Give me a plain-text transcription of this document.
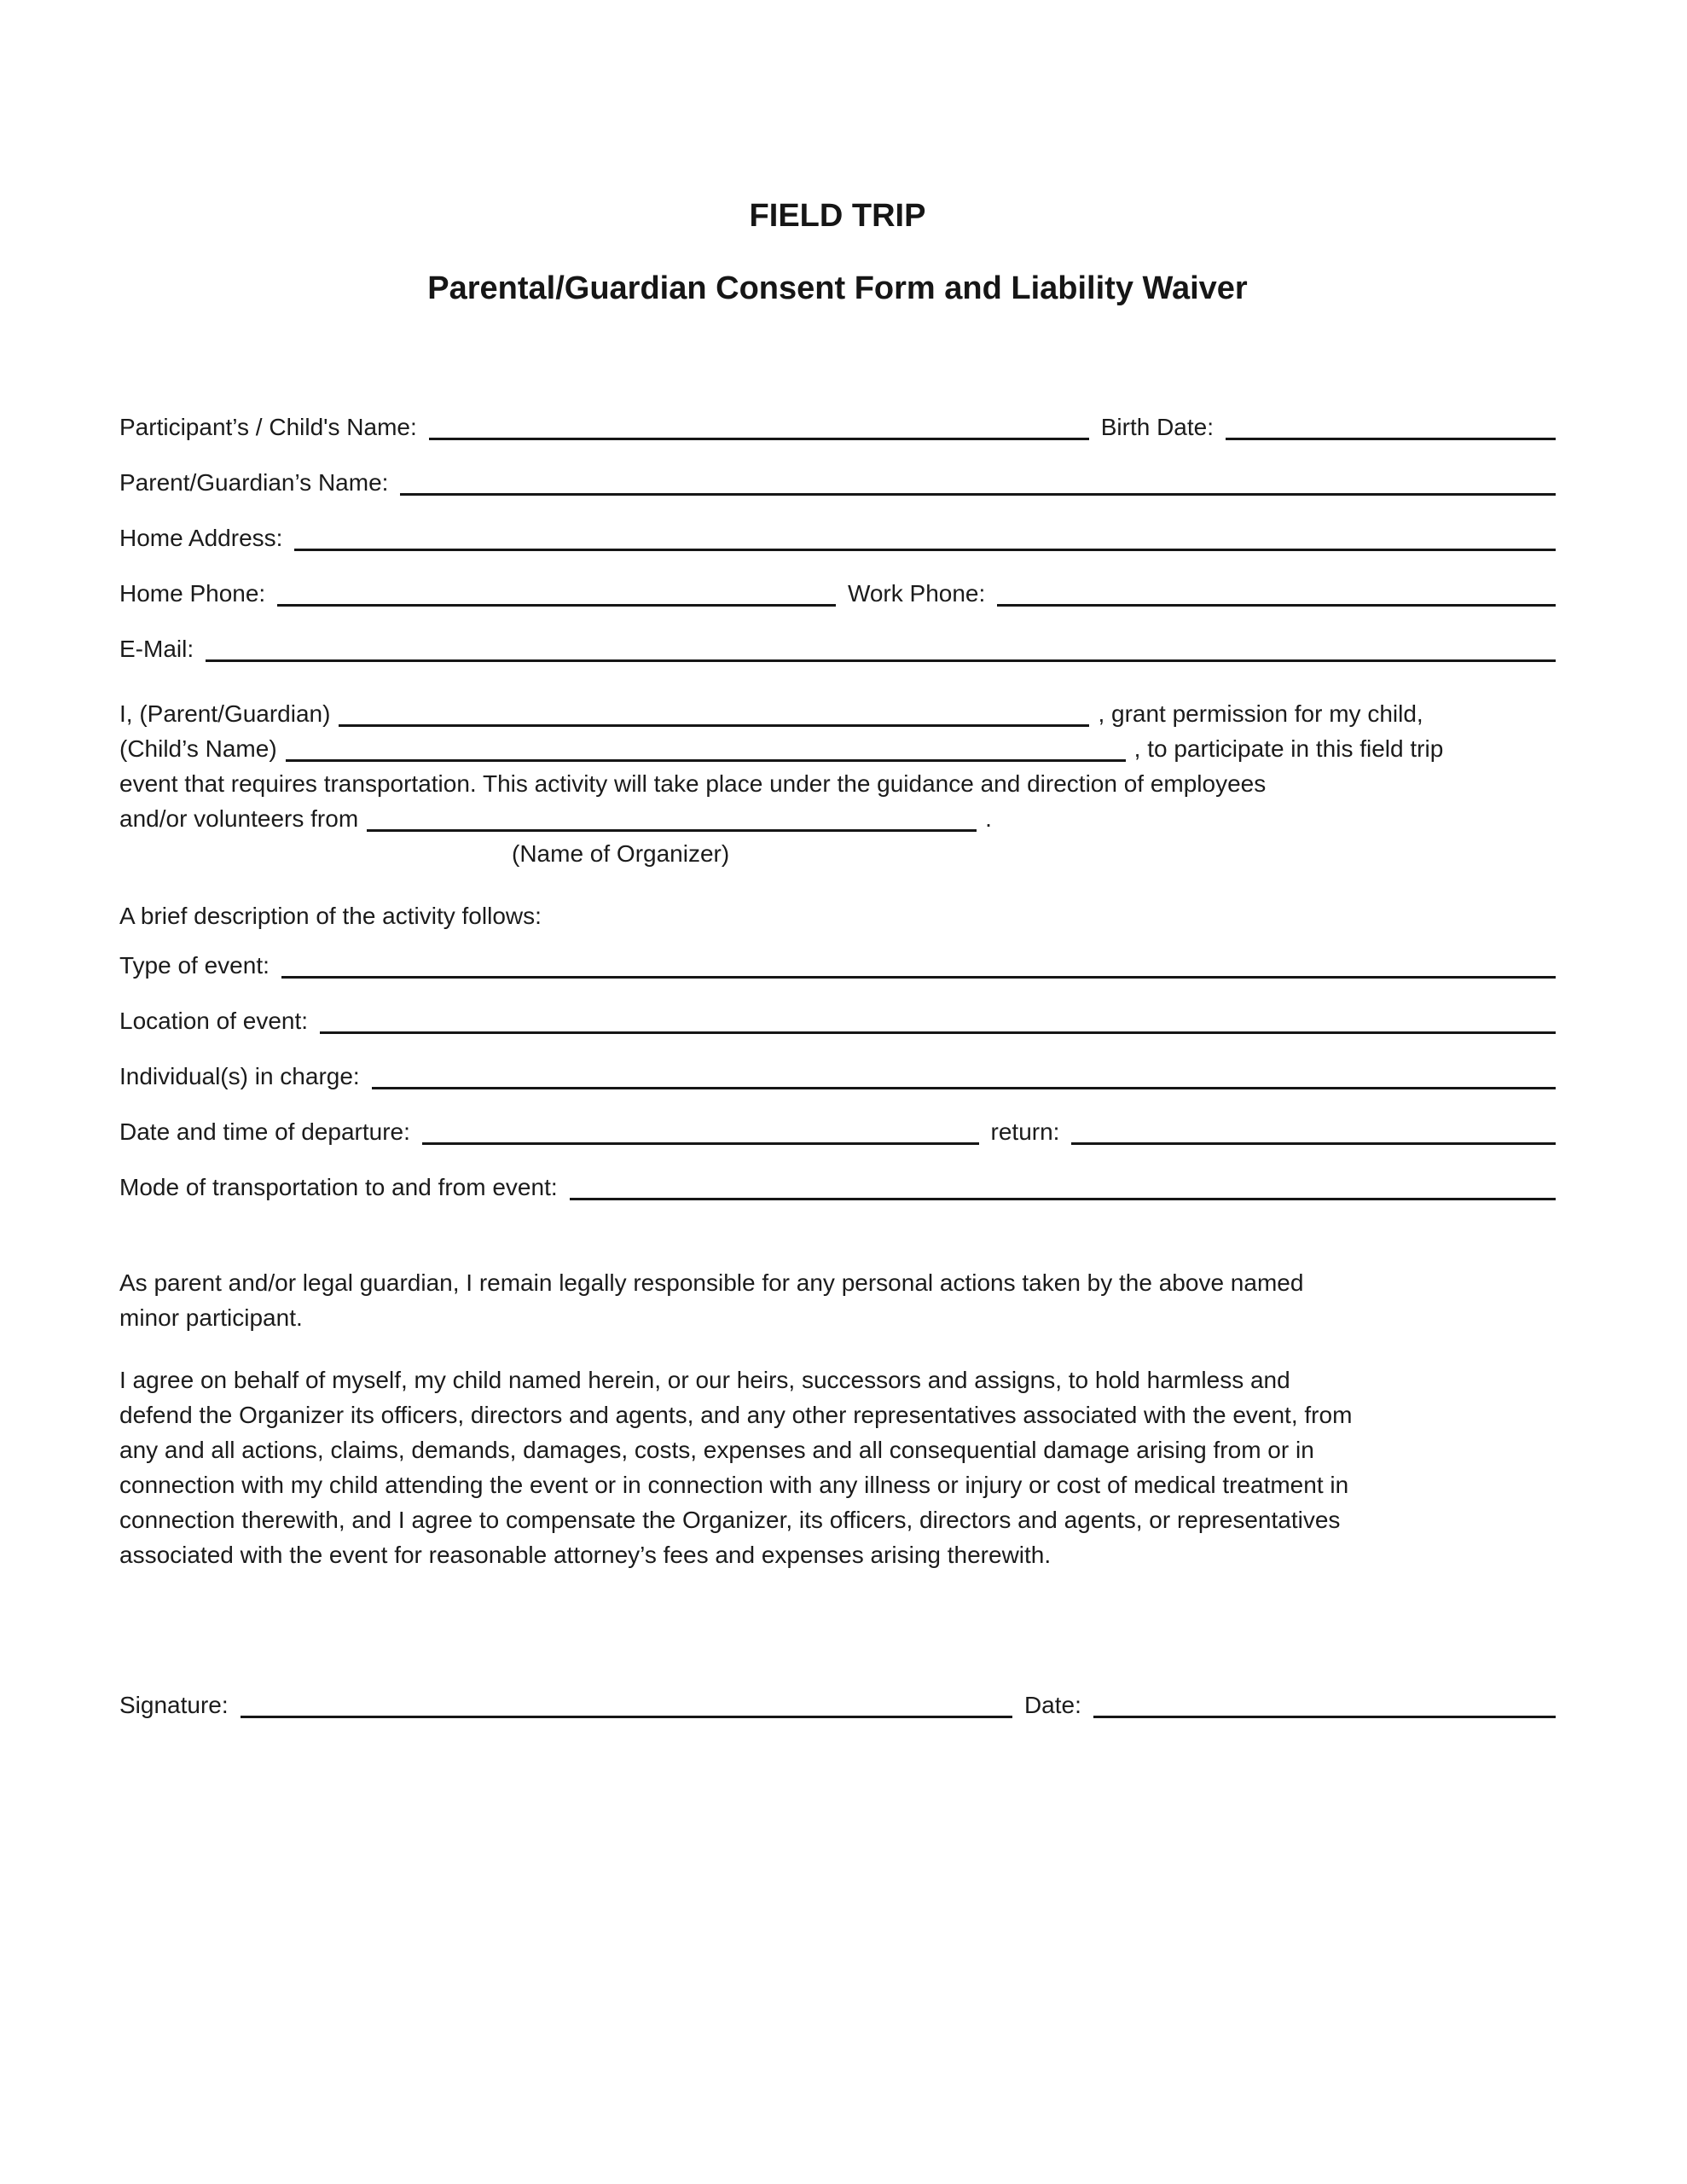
FIELD TRIP
Parental/Guardian Consent Form and Liability Waiver
Participant’s / Child's Name:	Birth Date:
Parent/Guardian’s Name:
Home Address:
Home Phone:	Work Phone:
E-Mail:
I, (Parent/Guardian)	, grant permission for my child,
(Child’s Name)	, to participate in this field trip
event that requires transportation. This activity will take place under the guidance and direction of employees
and/or volunteers from	.
(Name of Organizer)
A brief description of the activity follows:
Type of event:
Location of event:
Individual(s) in charge:
Date and time of departure:	return:
Mode of transportation to and from event:
As parent and/or legal guardian, I remain legally responsible for any personal actions taken by the above named
minor participant.
I agree on behalf of myself, my child named herein, or our heirs, successors and assigns, to hold harmless and
defend the Organizer its officers, directors and agents, and any other representatives associated with the event, from
any and all actions, claims, demands, damages, costs, expenses and all consequential damage arising from or in
connection with my child attending the event or in connection with any illness or injury or cost of medical treatment in
connection therewith, and I agree to compensate the Organizer, its officers, directors and agents, or representatives
associated with the event for reasonable attorney’s fees and expenses arising therewith.
Signature:	Date:
